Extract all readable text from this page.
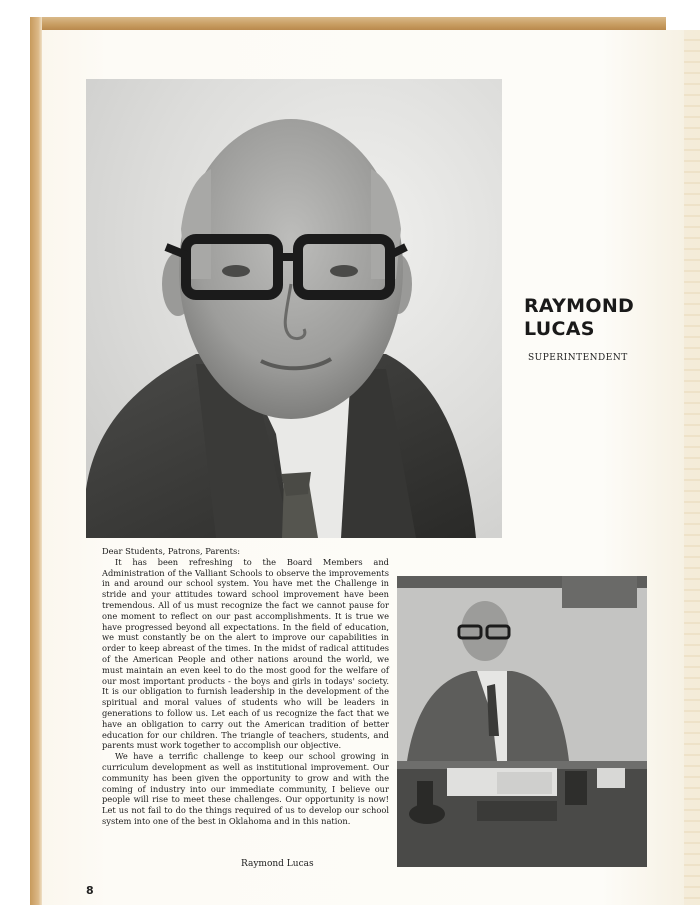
RAYMOND
LUCAS
SUPERINTENDENT

Dear Students, Patrons, Parents:

It has been refreshing to the Board Members and Administration of the Valliant Schools to observe the improvements in and around our school system. You have met the Challenge in stride and your attitudes toward school improvement have been tremendous. All of us must recognize the fact we cannot pause for one moment to reflect on our past accomplishments. It is true we have progressed beyond all expectations. In the field of education, we must constantly be on the alert to improve our capabilities in order to keep abreast of the times. In the midst of radical attitudes of the American People and other nations around the world, we must maintain an even keel to do the most good for the welfare of our most important products - the boys and girls in todays' society. It is our obligation to furnish leadership in the development of the spiritual and moral values of students who will be leaders in generations to follow us. Let each of us recognize the fact that we have an obligation to carry out the American tradition of better education for our children. The triangle of teachers, students, and parents must work together to accomplish our objective.

We have a terrific challenge to keep our school growing in curriculum development as well as institutional improvement. Our community has been given the opportunity to grow and with the coming of industry into our immediate community, I believe our people will rise to meet these challenges. Our opportunity is now! Let us not fail to do the things required of us to develop our school system into one of the best in Oklahoma and in this nation.

Raymond Lucas
8
